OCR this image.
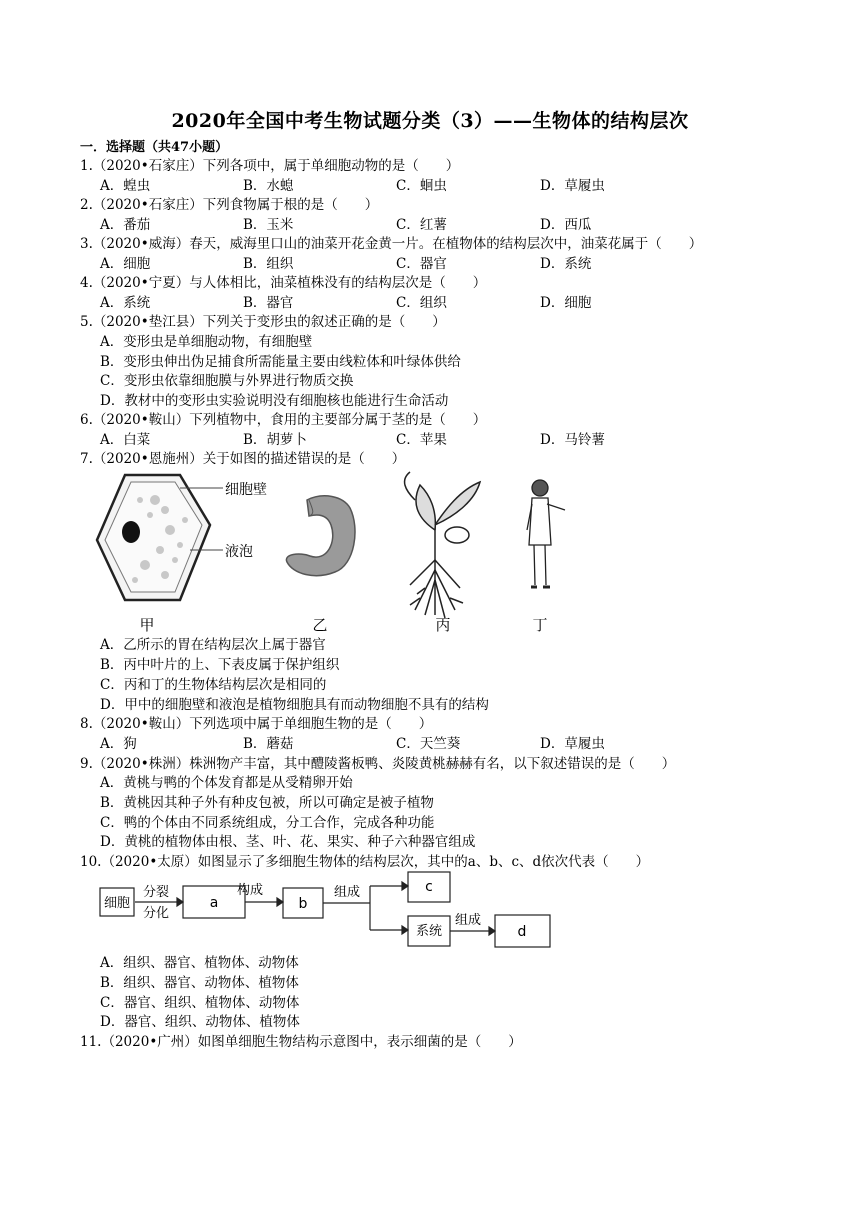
2020年全国中考生物试题分类（3）——生物体的结构层次
一．选择题（共47小题）
1.（2020•石家庄）下列各项中，属于单细胞动物的是（　　）
A．蝗虫	B．水螅	C．蛔虫	D．草履虫
2.（2020•石家庄）下列食物属于根的是（　　）
A．番茄	B．玉米	C．红薯	D．西瓜
3.（2020•威海）春天，威海里口山的油菜开花金黄一片。在植物体的结构层次中，油菜花属于（　　）
A．细胞	B．组织	C．器官	D．系统
4.（2020•宁夏）与人体相比，油菜植株没有的结构层次是（　　）
A．系统	B．器官	C．组织	D．细胞
5.（2020•垫江县）下列关于变形虫的叙述正确的是（　　）
A．变形虫是单细胞动物，有细胞壁
B．变形虫伸出伪足捕食所需能量主要由线粒体和叶绿体供给
C．变形虫依靠细胞膜与外界进行物质交换
D．教材中的变形虫实验说明没有细胞核也能进行生命活动
6.（2020•鞍山）下列植物中，食用的主要部分属于茎的是（　　）
A．白菜	B．胡萝卜	C．苹果	D．马铃薯
7.（2020•恩施州）关于如图的描述错误的是（　　）
细胞壁
液泡
甲	乙	丙	丁
A．乙所示的胃在结构层次上属于器官
B．丙中叶片的上、下表皮属于保护组织
C．丙和丁的生物体结构层次是相同的
D．甲中的细胞壁和液泡是植物细胞具有而动物细胞不具有的结构
8.（2020•鞍山）下列选项中属于单细胞生物的是（　　）
A．狗	B．蘑菇	C．天竺葵	D．草履虫
9.（2020•株洲）株洲物产丰富，其中醴陵酱板鸭、炎陵黄桃赫赫有名，以下叙述错误的是（　　）
A．黄桃与鸭的个体发育都是从受精卵开始
B．黄桃因其种子外有种皮包被，所以可确定是被子植物
C．鸭的个体由不同系统组成，分工合作，完成各种功能
D．黄桃的植物体由根、茎、叶、花、果实、种子六种器官组成
10.（2020•太原）如图显示了多细胞生物体的结构层次，其中的a、b、c、d依次代表（　　）
细胞
分裂
分化
a
构成
b
组成	c
系统
组成
d
A．组织、器官、植物体、动物体
B．组织、器官、动物体、植物体
C．器官、组织、植物体、动物体
D．器官、组织、动物体、植物体
11.（2020•广州）如图单细胞生物结构示意图中，表示细菌的是（　　）
